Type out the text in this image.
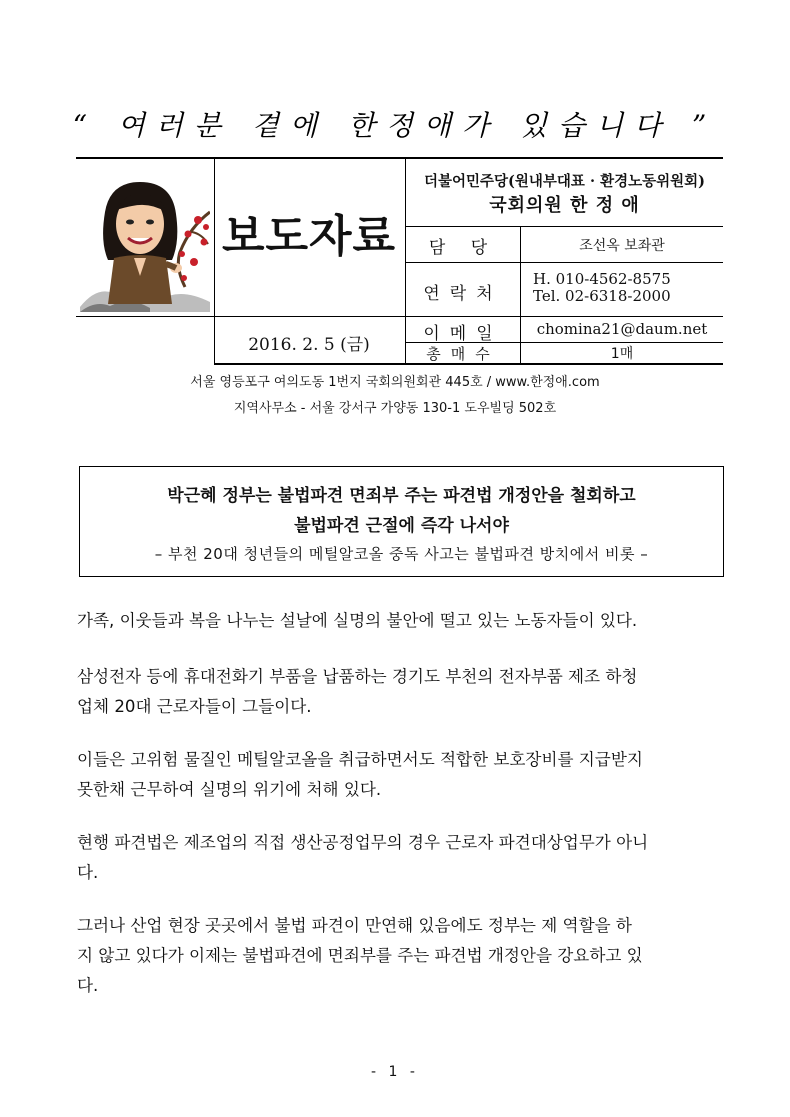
“ 여러분 곁에 한정애가 있습니다 ”
보도자료
더불어민주당(원내부대표 · 환경노동위원회)
국회의원 한 정 애
담 당	조선옥 보좌관
연락처
H. 010-4562-8575
Tel. 02-6318-2000
2016. 2. 5 (금)
이메일	chomina21@daum.net
총매수	1매
서울 영등포구 여의도동 1번지 국회의원회관 445호 / www.한정애.com
지역사무소 - 서울 강서구 가양동 130-1 도우빌딩 502호
박근혜 정부는 불법파견 면죄부 주는 파견법 개정안을 철회하고
불법파견 근절에 즉각 나서야
– 부천 20대 청년들의 메틸알코올 중독 사고는 불법파견 방치에서 비롯 –
가족, 이웃들과 복을 나누는 설날에 실명의 불안에 떨고 있는 노동자들이 있다.
삼성전자 등에 휴대전화기 부품을 납품하는 경기도 부천의 전자부품 제조 하청
업체 20대 근로자들이 그들이다.
이들은 고위험 물질인 메틸알코올을 취급하면서도 적합한 보호장비를 지급받지
못한채 근무하여 실명의 위기에 처해 있다.
현행 파견법은 제조업의 직접 생산공정업무의 경우 근로자 파견대상업무가 아니
다.
그러나 산업 현장 곳곳에서 불법 파견이 만연해 있음에도 정부는 제 역할을 하
지 않고 있다가 이제는 불법파견에 면죄부를 주는 파견법 개정안을 강요하고 있
다.
- 1 -
